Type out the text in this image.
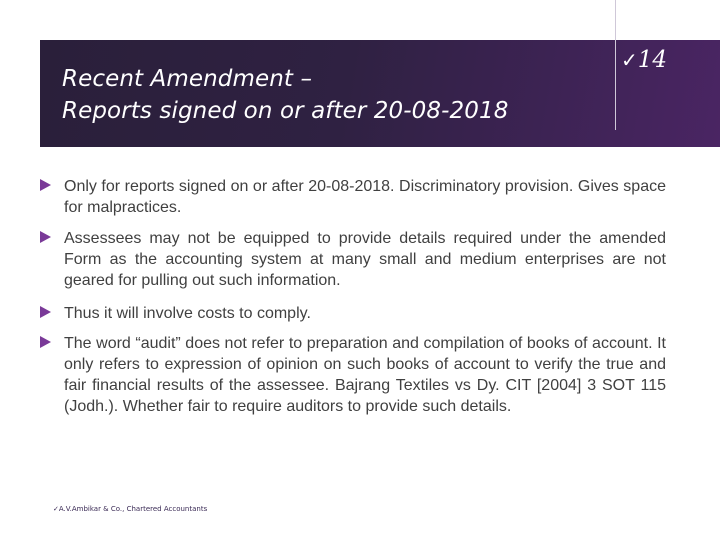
Recent Amendment –
Reports signed on or after 20-08-2018
✓14
Only for reports signed on or after 20-08-2018. Discriminatory provision. Gives space for malpractices.
Assessees may not be equipped to provide details required under the amended Form as the accounting system at many small and medium enterprises are not geared for pulling out such information.
Thus it will involve costs to comply.
The word “audit” does not refer to preparation and compilation of books of account. It only refers to expression of opinion on such books of account to verify the true and fair financial results of the assessee. Bajrang Textiles vs Dy. CIT [2004] 3 SOT 115 (Jodh.). Whether fair to require auditors to provide such details.
✓A.V.Ambikar & Co., Chartered Accountants
